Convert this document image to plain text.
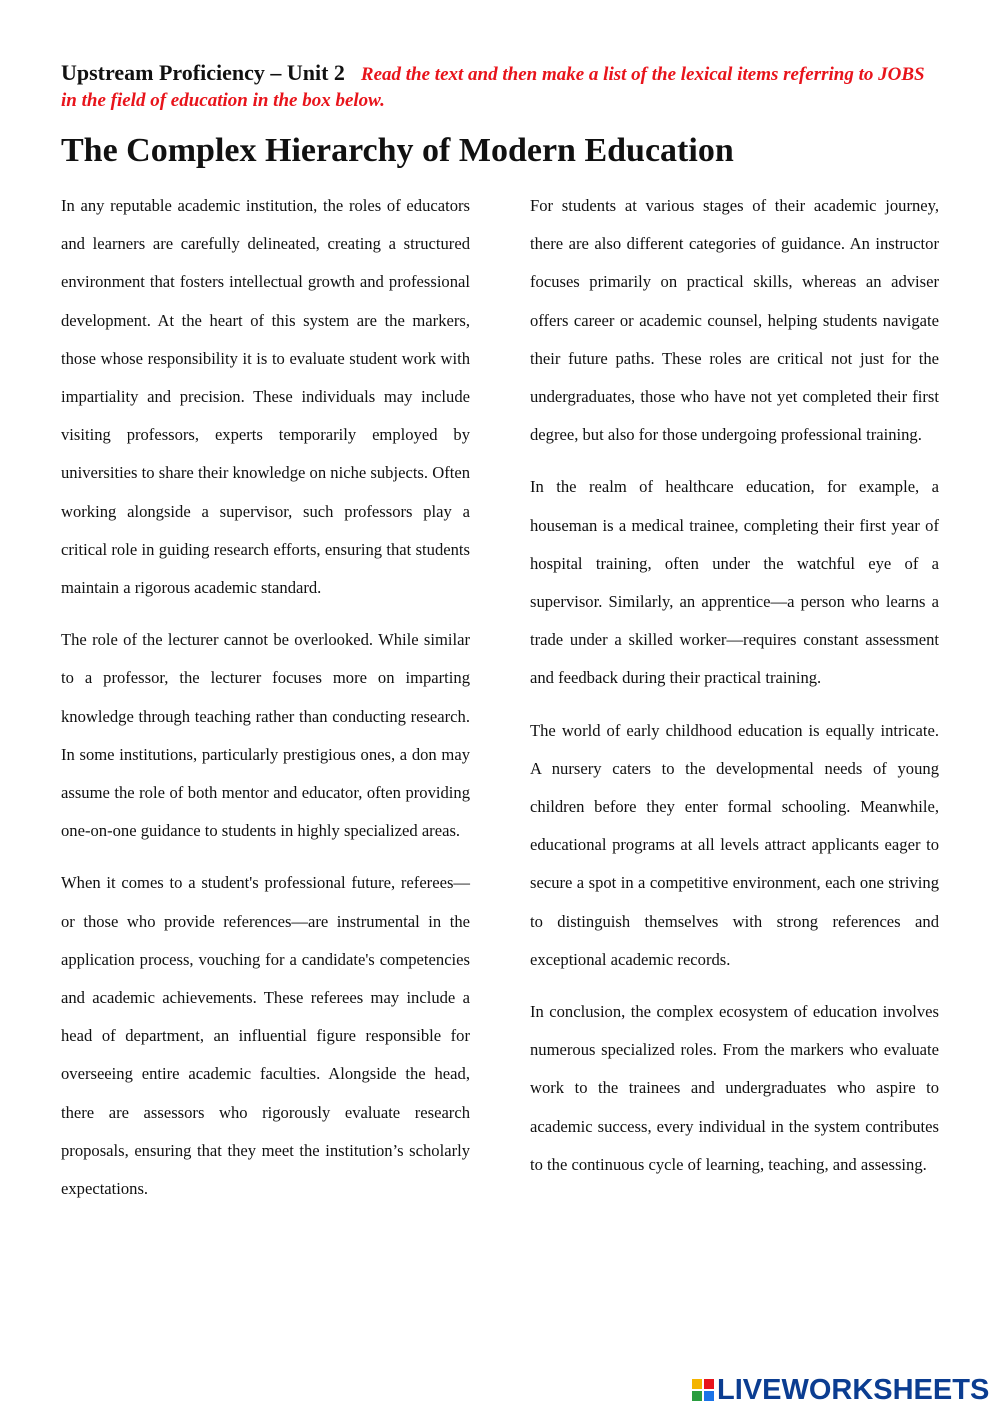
Upstream Proficiency – Unit 2 Read the text and then make a list of the lexical items referring to JOBS in the field of education in the box below.
The Complex Hierarchy of Modern Education

In any reputable academic institution, the roles of educators and learners are carefully delineated, creating a structured environment that fosters intellectual growth and professional development. At the heart of this system are the markers, those whose responsibility it is to evaluate student work with impartiality and precision. These individuals may include visiting professors, experts temporarily employed by universities to share their knowledge on niche subjects. Often working alongside a supervisor, such professors play a critical role in guiding research efforts, ensuring that students maintain a rigorous academic standard.

The role of the lecturer cannot be overlooked. While similar to a professor, the lecturer focuses more on imparting knowledge through teaching rather than conducting research. In some institutions, particularly prestigious ones, a don may assume the role of both mentor and educator, often providing one-on-one guidance to students in highly specialized areas.

When it comes to a student's professional future, referees—or those who provide references—are instrumental in the application process, vouching for a candidate's competencies and academic achievements. These referees may include a head of department, an influential figure responsible for overseeing entire academic faculties. Alongside the head, there are assessors who rigorously evaluate research proposals, ensuring that they meet the institution’s scholarly expectations.

For students at various stages of their academic journey, there are also different categories of guidance. An instructor focuses primarily on practical skills, whereas an adviser offers career or academic counsel, helping students navigate their future paths. These roles are critical not just for the undergraduates, those who have not yet completed their first degree, but also for those undergoing professional training.

In the realm of healthcare education, for example, a houseman is a medical trainee, completing their first year of hospital training, often under the watchful eye of a supervisor. Similarly, an apprentice—a person who learns a trade under a skilled worker—requires constant assessment and feedback during their practical training.

The world of early childhood education is equally intricate. A nursery caters to the developmental needs of young children before they enter formal schooling. Meanwhile, educational programs at all levels attract applicants eager to secure a spot in a competitive environment, each one striving to distinguish themselves with strong references and exceptional academic records.

In conclusion, the complex ecosystem of education involves numerous specialized roles. From the markers who evaluate work to the trainees and undergraduates who aspire to academic success, every individual in the system contributes to the continuous cycle of learning, teaching, and assessing.

LIVEWORKSHEETS
